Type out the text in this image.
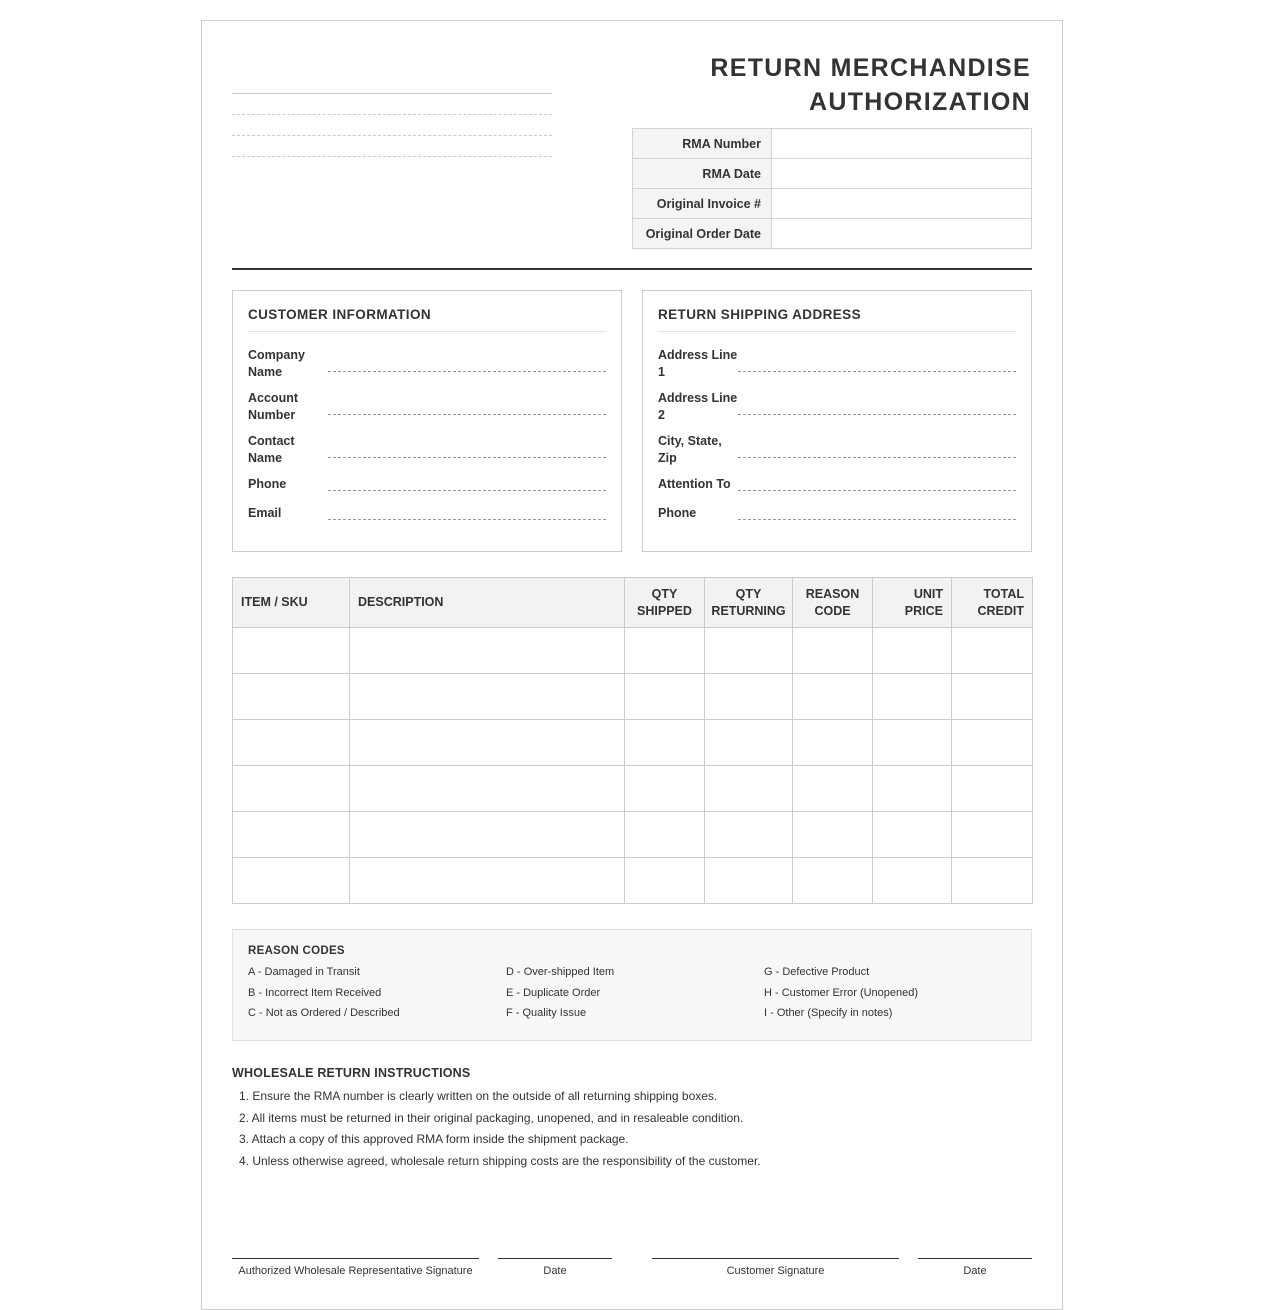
RETURN MERCHANDISE
AUTHORIZATION
RMA Number	
RMA Date	
Original Invoice #	
Original Order Date	
CUSTOMER INFORMATION
Company Name
Account Number
Contact Name
Phone
Email
RETURN SHIPPING ADDRESS
Address Line 1
Address Line 2
City, State, Zip
Attention To
Phone
ITEM / SKU	DESCRIPTION	QTY SHIPPED	QTY RETURNING	REASON CODE	UNIT PRICE	TOTAL CREDIT

REASON CODES
A - Damaged in Transit	D - Over-shipped Item	G - Defective Product
B - Incorrect Item Received	E - Duplicate Order	H - Customer Error (Unopened)
C - Not as Ordered / Described	F - Quality Issue	I - Other (Specify in notes)
WHOLESALE RETURN INSTRUCTIONS
1. Ensure the RMA number is clearly written on the outside of all returning shipping boxes.
2. All items must be returned in their original packaging, unopened, and in resaleable condition.
3. Attach a copy of this approved RMA form inside the shipment package.
4. Unless otherwise agreed, wholesale return shipping costs are the responsibility of the customer.
Authorized Wholesale Representative Signature	Date	Customer Signature	Date
